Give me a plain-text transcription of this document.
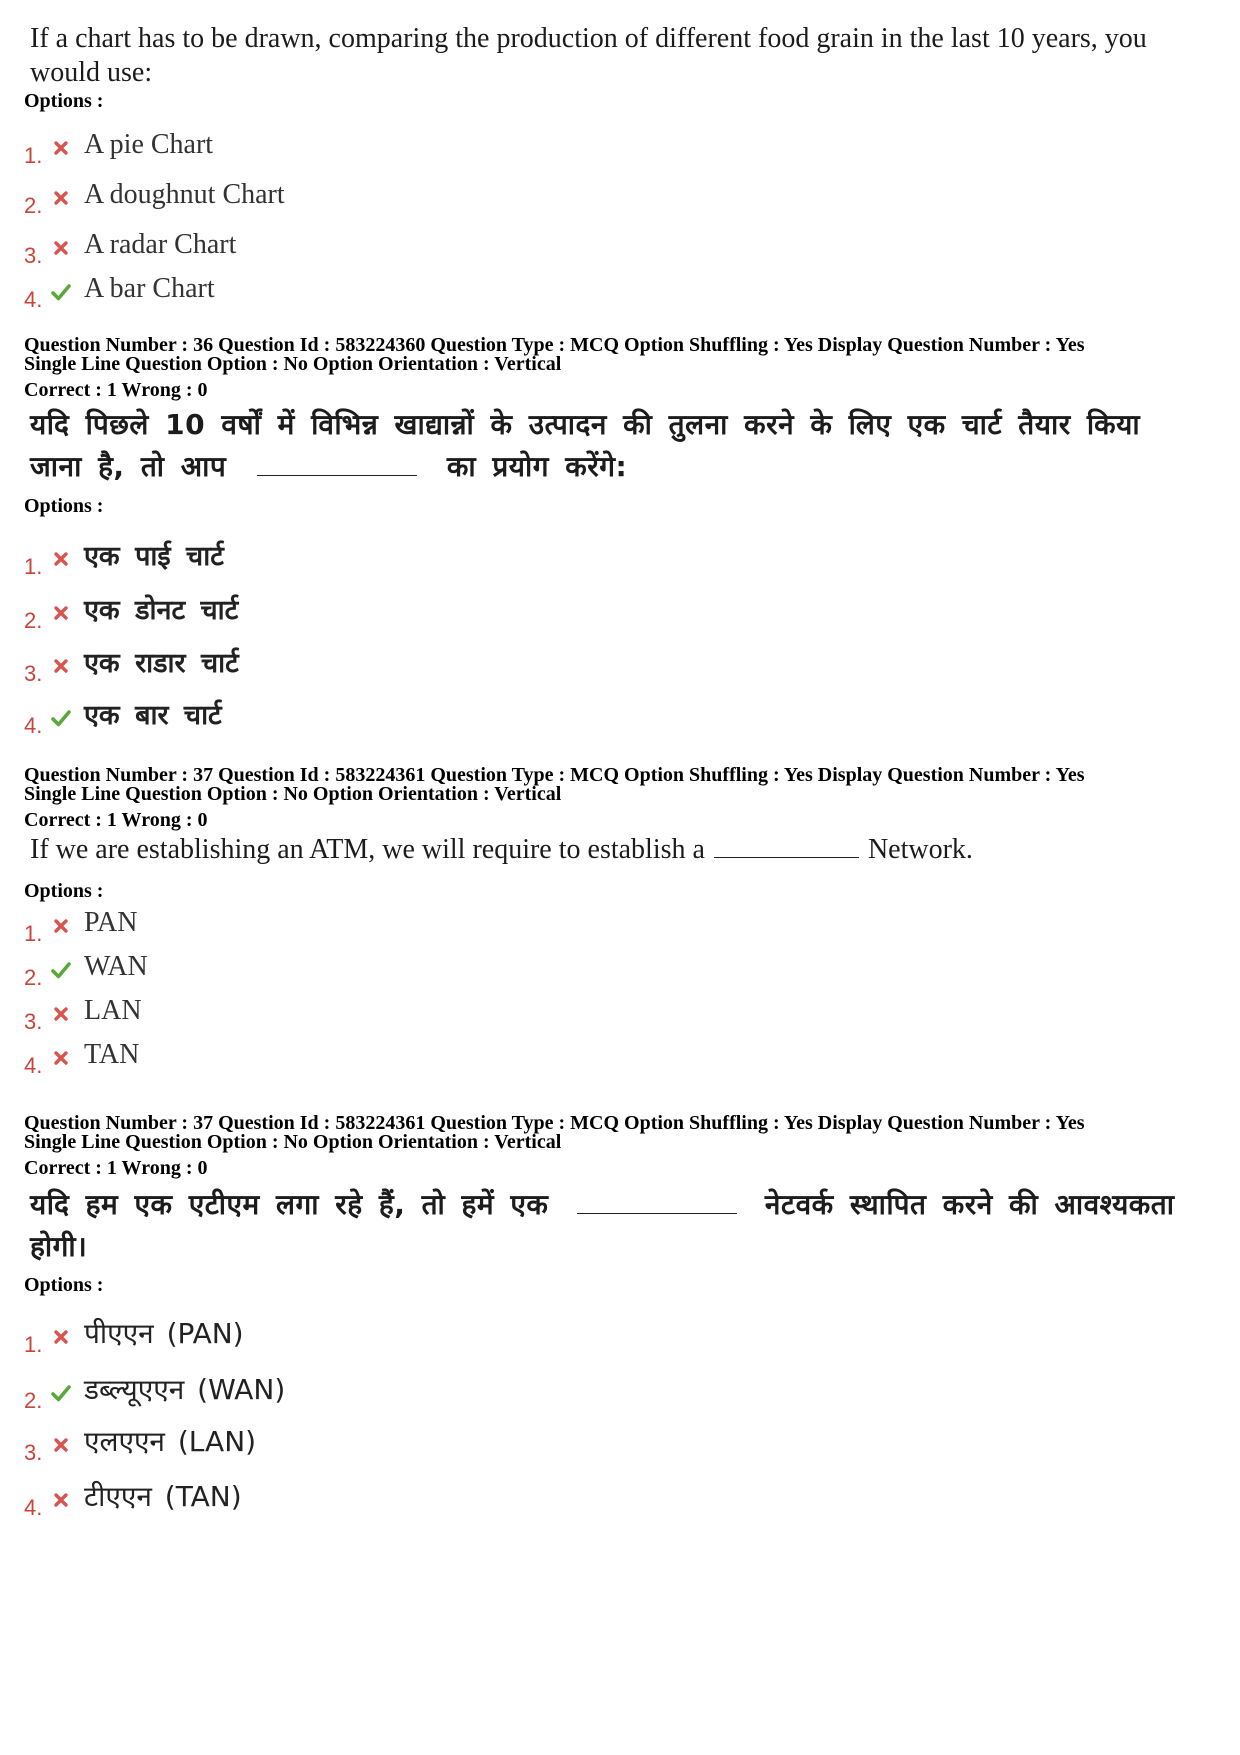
If a chart has to be drawn, comparing the production of different food grain in the last 10 years, you would use:
Options :
1. A pie Chart
2. A doughnut Chart
3. A radar Chart
4. A bar Chart
Question Number : 36 Question Id : 583224360 Question Type : MCQ Option Shuffling : Yes Display Question Number : Yes
Single Line Question Option : No Option Orientation : Vertical
Correct : 1 Wrong : 0
यदि पिछले 10 वर्षों में विभिन्न खाद्यान्नों के उत्पादन की तुलना करने के लिए एक चार्ट तैयार किया
जाना है, तो आप	का प्रयोग करेंगे:
Options :
1. एक पाई चार्ट
2. एक डोनट चार्ट
3. एक राडार चार्ट
4. एक बार चार्ट
Question Number : 37 Question Id : 583224361 Question Type : MCQ Option Shuffling : Yes Display Question Number : Yes
Single Line Question Option : No Option Orientation : Vertical
Correct : 1 Wrong : 0
If we are establishing an ATM, we will require to establish a	Network.
Options :
1. PAN
2. WAN
3. LAN
4. TAN
Question Number : 37 Question Id : 583224361 Question Type : MCQ Option Shuffling : Yes Display Question Number : Yes
Single Line Question Option : No Option Orientation : Vertical
Correct : 1 Wrong : 0
यदि हम एक एटीएम लगा रहे हैं, तो हमें एक	नेटवर्क स्थापित करने की आवश्यकता
होगी।
Options :
1. पीएएन (PAN)
2. डब्ल्यूएएन (WAN)
3. एलएएन (LAN)
4. टीएएन (TAN)
